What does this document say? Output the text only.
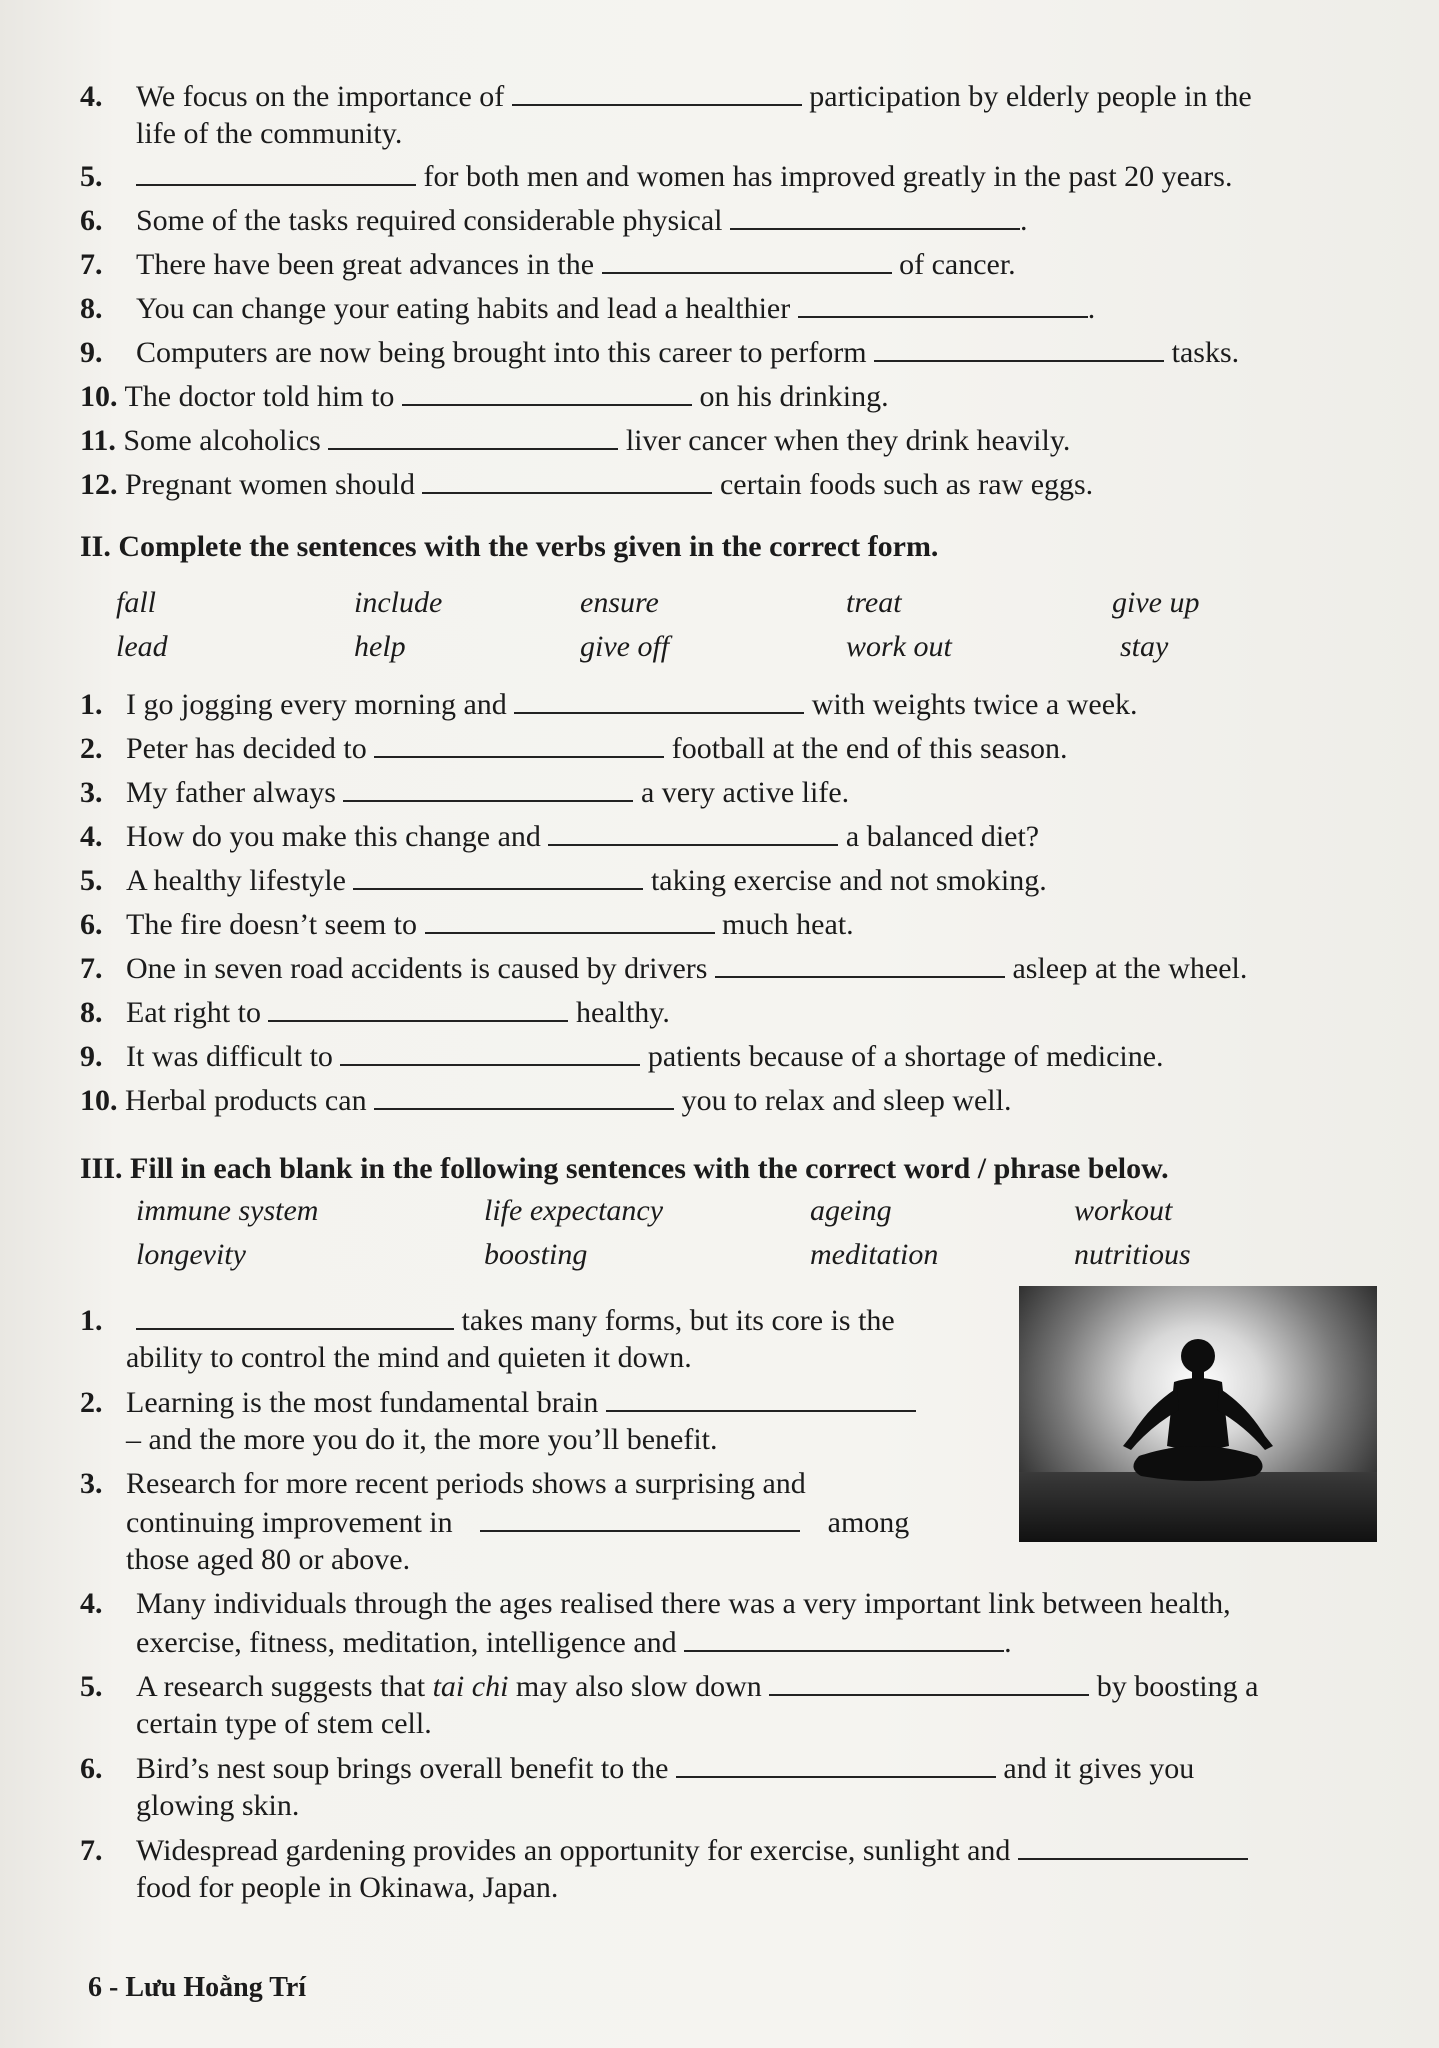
4. We focus on the importance of	participation by elderly people in the
life of the community.
5.	for both men and women has improved greatly in the past 20 years.
6. Some of the tasks required considerable physical	.
7. There have been great advances in the	of cancer.
8. You can change your eating habits and lead a healthier	.
9. Computers are now being brought into this career to perform	tasks.
10. The doctor told him to	on his drinking.
11. Some alcoholics	liver cancer when they drink heavily.
12. Pregnant women should	certain foods such as raw eggs.
II. Complete the sentences with the verbs given in the correct form.
fall	include	ensure	treat	give up
lead	help	give off	work out	stay
1. I go jogging every morning and	with weights twice a week.
2. Peter has decided to	football at the end of this season.
3. My father always	a very active life.
4. How do you make this change and	a balanced diet?
5. A healthy lifestyle	taking exercise and not smoking.
6. The fire doesn’t seem to	much heat.
7. One in seven road accidents is caused by drivers	asleep at the wheel.
8. Eat right to	healthy.
9. It was difficult to	patients because of a shortage of medicine.
10. Herbal products can	you to relax and sleep well.
III. Fill in each blank in the following sentences with the correct word / phrase below.
immune system	life expectancy	ageing	workout
longevity	boosting	meditation	nutritious
1.	takes many forms, but its core is the
ability to control the mind and quieten it down.
2. Learning is the most fundamental brain
– and the more you do it, the more you’ll benefit.
3. Research for more recent periods shows a surprising and
continuing improvement in	among
those aged 80 or above.
4. Many individuals through the ages realised there was a very important link between health,
exercise, fitness, meditation, intelligence and	.
5. A research suggests that tai chi may also slow down	by boosting a
certain type of stem cell.
6. Bird’s nest soup brings overall benefit to the	and it gives you
glowing skin.
7. Widespread gardening provides an opportunity for exercise, sunlight and
food for people in Okinawa, Japan.
6 - Lưu Hoằng Trí
